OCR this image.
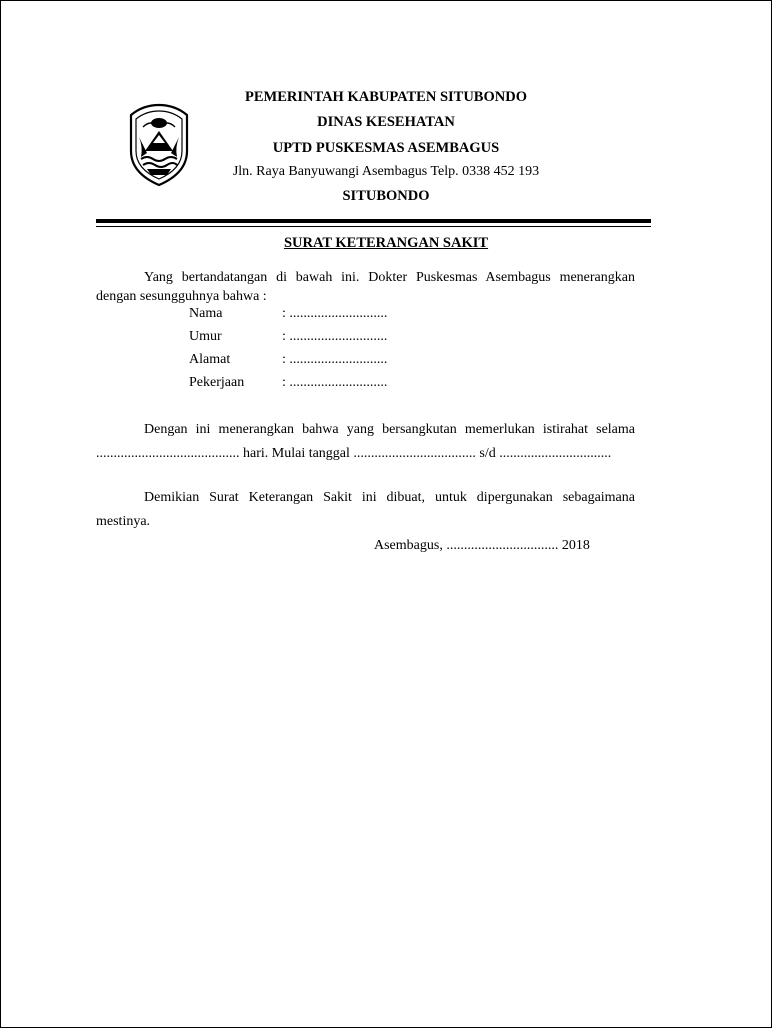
PEMERINTAH KABUPATEN SITUBONDO
DINAS KESEHATAN
UPTD PUSKESMAS ASEMBAGUS
Jln. Raya Banyuwangi Asembagus Telp. 0338 452 193
SITUBONDO
SURAT KETERANGAN SAKIT
Yang bertandatangan di bawah ini. Dokter Puskesmas Asembagus menerangkan
dengan sesungguhnya bahwa :
Nama	: ............................
Umur	: ............................
Alamat	: ............................
Pekerjaan	: ............................
Dengan ini menerangkan bahwa yang bersangkutan memerlukan istirahat selama
......................................... hari. Mulai tanggal ................................... s/d ................................
Demikian Surat Keterangan Sakit ini dibuat, untuk dipergunakan sebagaimana
mestinya.
Asembagus, ................................ 2018
